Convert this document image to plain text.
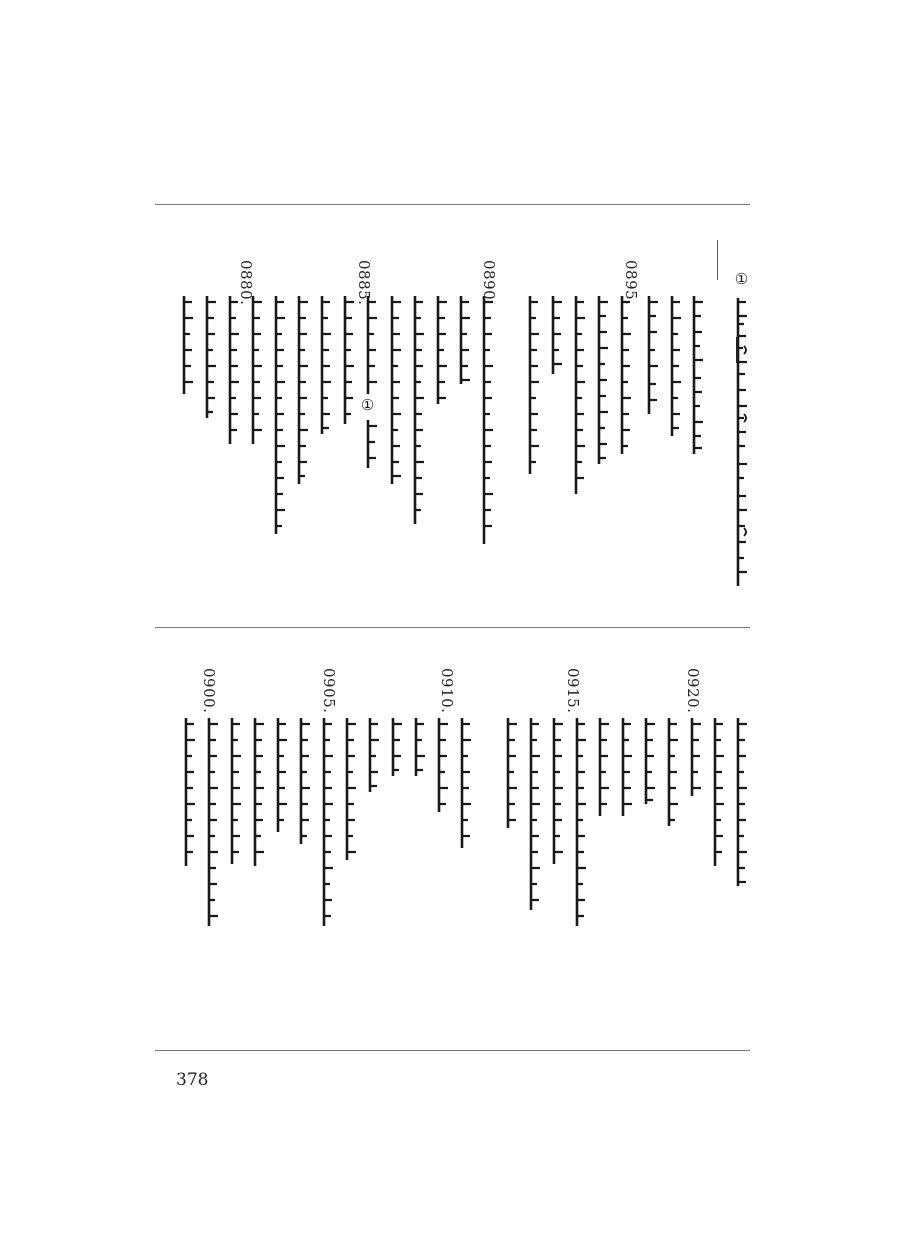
①
0895.
0890.
0885.
①
0880.
0920.
0915.
0910.
0905.
0900.
378
